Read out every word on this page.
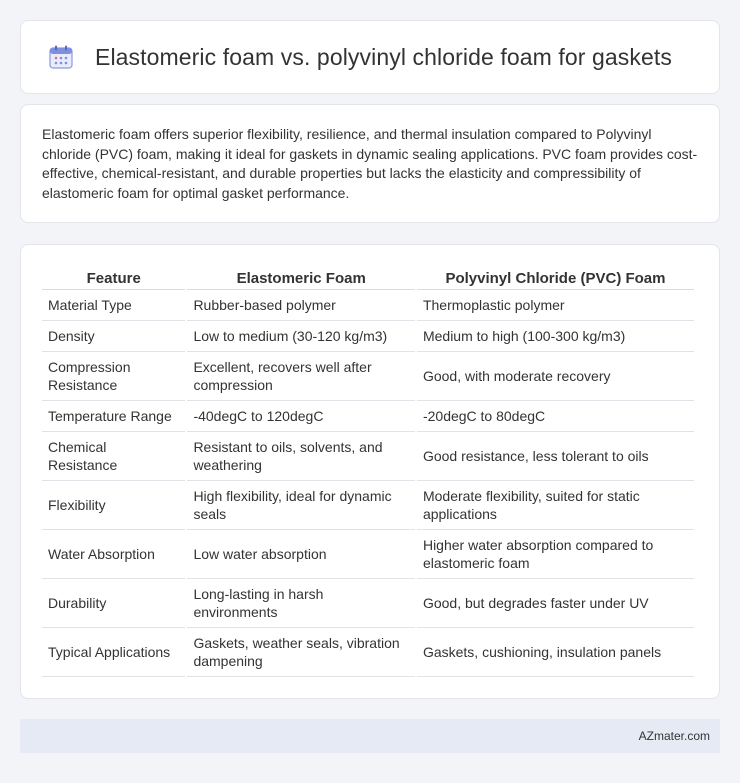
Elastomeric foam vs. polyvinyl chloride foam for gaskets

Elastomeric foam offers superior flexibility, resilience, and thermal insulation compared to Polyvinyl chloride (PVC) foam, making it ideal for gaskets in dynamic sealing applications. PVC foam provides cost-effective, chemical-resistant, and durable properties but lacks the elasticity and compressibility of elastomeric foam for optimal gasket performance.

Feature	Elastomeric Foam	Polyvinyl Chloride (PVC) Foam
Material Type	Rubber-based polymer	Thermoplastic polymer
Density	Low to medium (30-120 kg/m3)	Medium to high (100-300 kg/m3)
Compression Resistance	Excellent, recovers well after compression	Good, with moderate recovery
Temperature Range	-40degC to 120degC	-20degC to 80degC
Chemical Resistance	Resistant to oils, solvents, and weathering	Good resistance, less tolerant to oils
Flexibility	High flexibility, ideal for dynamic seals	Moderate flexibility, suited for static applications
Water Absorption	Low water absorption	Higher water absorption compared to elastomeric foam
Durability	Long-lasting in harsh environments	Good, but degrades faster under UV
Typical Applications	Gaskets, weather seals, vibration dampening	Gaskets, cushioning, insulation panels
AZmater.com
